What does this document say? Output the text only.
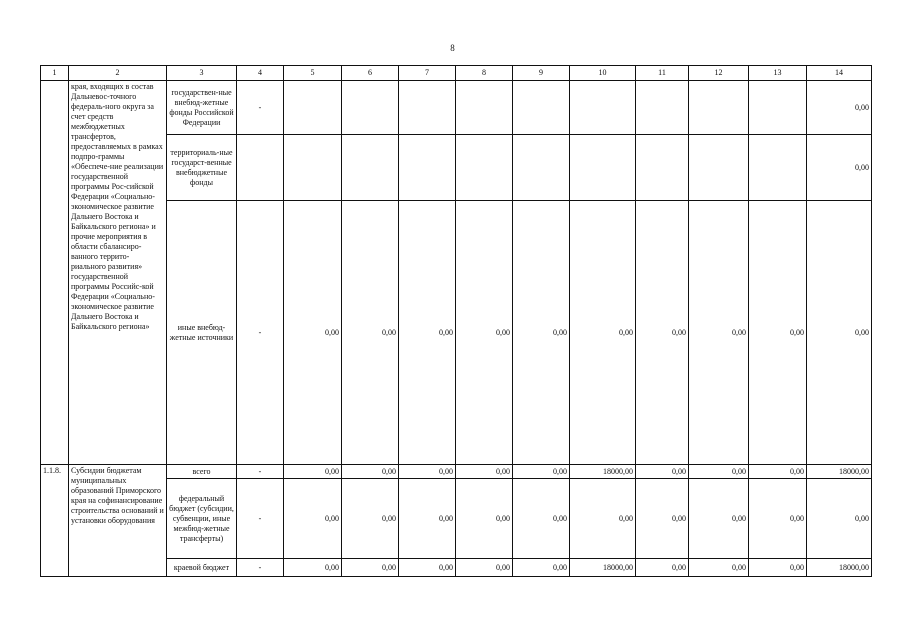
8
1	2	3	4	5	6	7	8	9	10	11	12	13	14
	края, входящих в состав Дальневос-точного федераль-ного округа за счет средств межбюджетных трансфертов, предоставляемых в рамках подпро-граммы «Обеспече-ние реализации государственной программы Рос-сийской Федерации «Социально-экономическое развитие Дальнего Востока и Байкальского региона» и прочие мероприятия в области сбалансиро-ванного террито-риального развития» государственной программы Российс-кой Федерации «Социально-экономическое развитие Дальнего Востока и Байкальского региона»	государствен-ные внебюд-жетные фонды Российской Федерации	-										0,00
		территориаль-ные государст-венные внебюджетные фонды											0,00
		иные внебюд-жетные источники	-	0,00	0,00	0,00	0,00	0,00	0,00	0,00	0,00	0,00	0,00
1.1.8.	Субсидии бюджетам муниципальных образований Приморского края на софинансирование строительства оснований и установки оборудования	всего	-	0,00	0,00	0,00	0,00	0,00	18000,00	0,00	0,00	0,00	18000,00
		федеральный бюджет (субсидии, субвенции, иные межбюд-жетные трансферты)	-	0,00	0,00	0,00	0,00	0,00	0,00	0,00	0,00	0,00	0,00
		краевой бюджет	-	0,00	0,00	0,00	0,00	0,00	18000,00	0,00	0,00	0,00	18000,00
